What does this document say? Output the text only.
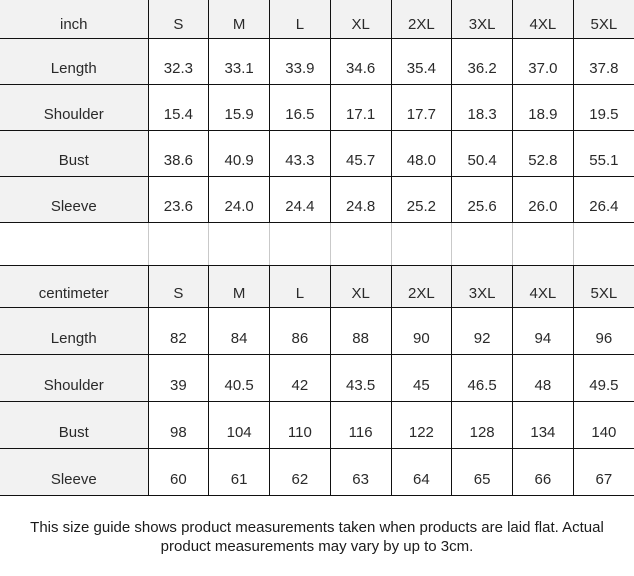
inch	S	M	L	XL	2XL	3XL	4XL	5XL
Length	32.3	33.1	33.9	34.6	35.4	36.2	37.0	37.8
Shoulder	15.4	15.9	16.5	17.1	17.7	18.3	18.9	19.5
Bust	38.6	40.9	43.3	45.7	48.0	50.4	52.8	55.1
Sleeve	23.6	24.0	24.4	24.8	25.2	25.6	26.0	26.4

centimeter	S	M	L	XL	2XL	3XL	4XL	5XL
Length	82	84	86	88	90	92	94	96
Shoulder	39	40.5	42	43.5	45	46.5	48	49.5
Bust	98	104	110	116	122	128	134	140
Sleeve	60	61	62	63	64	65	66	67
This size guide shows product measurements taken when products are laid flat. Actual
product measurements may vary by up to 3cm.
